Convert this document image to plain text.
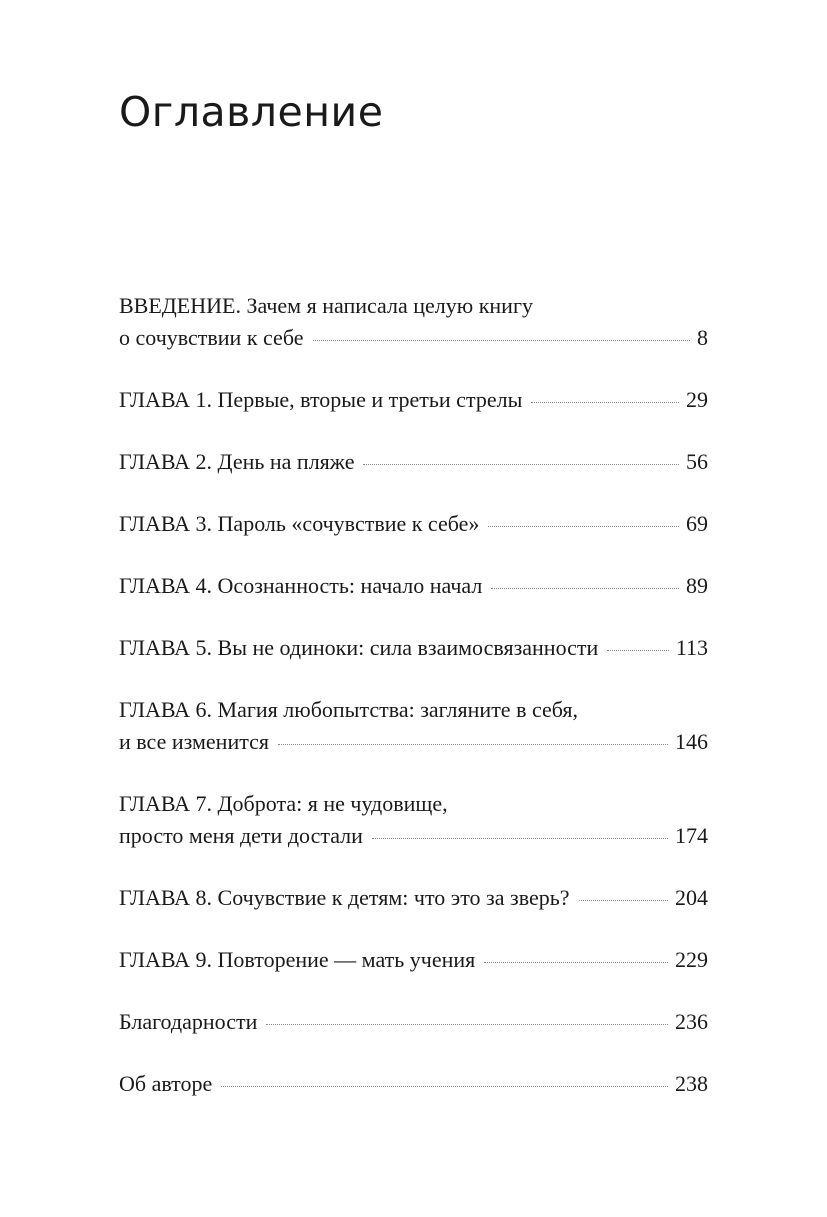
Оглавление
ВВЕДЕНИЕ. Зачем я написала целую книгу
о сочувствии к себе	8
ГЛАВА 1. Первые, вторые и третьи стрелы	29
ГЛАВА 2. День на пляже	56
ГЛАВА 3. Пароль «сочувствие к себе»	69
ГЛАВА 4. Осознанность: начало начал	89
ГЛАВА 5. Вы не одиноки: сила взаимосвязанности	113
ГЛАВА 6. Магия любопытства: загляните в себя,
и все изменится	146
ГЛАВА 7. Доброта: я не чудовище,
просто меня дети достали	174
ГЛАВА 8. Сочувствие к детям: что это за зверь?	204
ГЛАВА 9. Повторение — мать учения	229
Благодарности	236
Об авторе	238
